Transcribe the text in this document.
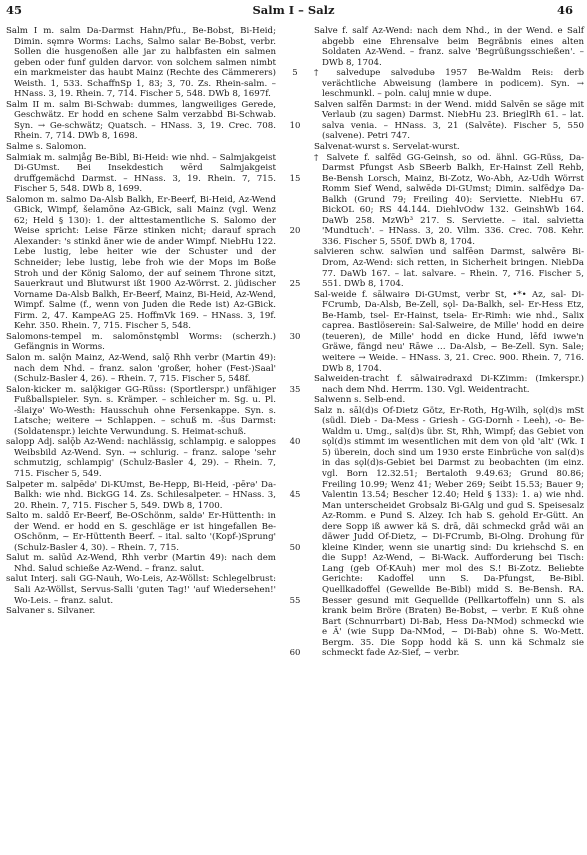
45	Salm I – Salz	46

Salm I m. salm Da-Darmst Hahn/Pfu., Be-Bobst, Bi-Heid; Dimin. sęmrə Worms: Lachs, Salmo salar Be-Bobst, verbr. Sollen die husgenoßen alle jar zu halbfasten ein salmen geben oder funf gulden darvor. von solchem salmen nimbt ein markmeister das haubt Mainz (Rechte des Cämmerers) Weisth. 1, 533. SchaffnSp 1, 83; 3, 70. Zs. Rhein-salm. – HNass. 3, 19. Rhein. 7, 714. Fischer 5, 548. DWb 8, 1697f.

Salm II m. salm Bi-Schwab: dummes, langweiliges Gerede, Geschwätz. Er hodd en schene Salm verzabbd Bi-Schwab. Syn. → Ge-schwätz; Quatsch. – HNass. 3, 19. Crec. 708. Rhein. 7, 714. DWb 8, 1698.

Salme s. Salomon.

Salmiak m. salmįåg Be-Bibl, Bi-Heid: wie nhd. – Salmjakgeist Di-GUmst. Bei Insekdestich wērd Salmjakgeist druffgemächd Darmst. – HNass. 3, 19. Rhein. 7, 715. Fischer 5, 548. DWb 8, 1699.

Salomon m. salmo Da-Alsb Balkh, Er-Beerf, Bi-Heid, Az-Wend GBick, Wimpf, šelamōnə Az-GBick, sali Mainz (vgl. Wenz 62; Held § 130): 1. der alttestamentliche S. Salomo der Weise spricht: Leise Färze stinken nicht; darauf sprach Alexander: 's stinkd äner wie de ander Wimpf. NiebHu 122. Lebe lustig, lebe heiter wie der Schuster und der Schneider; lebe lustig, lebe froh wie der Mops im Boße Stroh und der König Salomo, der auf seinem Throne sitzt, Sauerkraut und Blutwurst ißt 1900 Az-Wörrst. 2. jüdischer Vorname Da-Alsb Balkh, Er-Beerf, Mainz, Bi-Heid, Az-Wend, Wimpf. Salme (f., wenn von Juden die Rede ist) Az-GBick. Firm. 2, 47. KampeAG 25. HoffmVk 169. – HNass. 3, 19f. Kehr. 350. Rhein. 7, 715. Fischer 5, 548.

Salomons-tempel m. salomōnstęmbl Worms: (scherzh.) Gefängnis in Worms.

Salon m. salǫ̃n Mainz, Az-Wend, salǭ Rhh verbr (Martin 49): nach dem Nhd. – franz. salon 'großer, hoher (Fest-)Saal' (Schulz-Basler 4, 26). – Rhein. 7, 715. Fischer 5, 548f.

Salon-kicker m. salǫ̃kigər GG-Rüss: (Sportlerspr.) unfähiger Fußballspieler. Syn. s. Krämper. – schleicher m. Sg. u. Pl. -šlaiχə' Wo-Westh: Hausschuh ohne Fersenkappe. Syn. s. Latsche; weitere → Schlappen. – schuß m. -šus Darmst: (Soldatenspr.) leichte Verwundung. S. Heimat-schuß.

salopp Adj. salǭb Az-Wend: nachlässig, schlampig. e saloppes Weibsbild Az-Wend. Syn. → schlurig. – franz. salope 'sehr schmutzig, schlampig' (Schulz-Basler 4, 29). – Rhein. 7, 715. Fischer 5, 549.

Salpeter m. salpēdə' Di-KUmst, Be-Hepp, Bi-Heid, -pērə' Da-Balkh: wie nhd. BickGG 14. Zs. Schilesalpeter. – HNass. 3, 20. Rhein. 7, 715. Fischer 5, 549. DWb 8, 1700.

Salto m. saldō Er-Beerf, Be-OSchönm, saldə' Er-Hüttenth: in der Wend. er hodd en S. geschläge er ist hingefallen Be-OSchönm, ~ Er-Hüttenth Beerf. – ital. salto '(Kopf-)Sprung' (Schulz-Basler 4, 30). – Rhein. 7, 715.

Salut m. salūd Az-Wend, Rhh verbr (Martin 49): nach dem Nhd. Salud schieße Az-Wend. – franz. salut.

salut Interj. sali GG-Nauh, Wo-Leis, Az-Wöllst: Schlegelbrust: Sali Az-Wöllst, Servus-Salli 'guten Tag!' 'auf Wiedersehen!' Wo-Leis. – franz. salut.

Salvaner s. Silvaner.

5
10
15
20
25
30
35
40
45
50
55
60

Salve f. salf Az-Wend: nach dem Nhd., in der Wend. e Salf abgebb eine Ehrensalve beim Begräbnis eines alten Soldaten Az-Wend. – franz. salve 'Begrüßungsschießen'. – DWb 8, 1704.

† salvedupe salvədubə 1957 Be-Waldm Reis: derb verächtliche Abweisung (lambere in podicem). Syn. → leschmunkl. – poln. caluj mnie w dupe.

Salven salfēn Darmst: in der Wend. midd Salvēn se säge mit Verlaub (zu sagen) Darmst. NiebHu 23. BrieglRh 61. – lat. salva venia. – HNass. 3, 21 (Salvēte). Fischer 5, 550 (salvene). Petri 747.

Salvenat-wurst s. Servelat-wurst.

† Salvete f. salfēd GG-Geinsh, so od. ähnl. GG-Rüss, Da-Darmst Pfungst Asb SBeerb Balkh, Er-Hainst Zell Rehb, Be-Bensh Lorsch, Mainz, Bi-Zotz, Wo-Abh, Az-Udh Wörrst Romm Sief Wend, salwēdə Di-GUmst; Dimin. salfēdχə Da-Balkh (Grund 79; Freiling 40): Serviette. NiebHu 67. BickOL 60; RS 44.144. DiehlvOdw 132. GeinshWb 164. DaWb 258. MzWb³ 217. S. Serviette. – ital. salvietta 'Mundtuch'. – HNass. 3, 20. Vilm. 336. Crec. 708. Kehr. 336. Fischer 5, 550f. DWb 8, 1704.

salvieren schw. salwīən und salfēən Darmst, salwērə Bi-Drom, Az-Wend: sich retten, in Sicherheit bringen. NiebDa 77. DaWb 167. – lat. salvare. – Rhein. 7, 716. Fischer 5, 551. DWb 8, 1704.

Sal-weide f. sālwairə Di-GUmst, verbr St, •*• Az, sal- Di-FCrumb, Da-Alsb, Be-Zell, sǫl- Da-Balkh, sel- Er-Hess Etz, Be-Hamb, tsel- Er-Hainst, tsela- Er-Rimh: wie nhd., Salix caprea. Bastlöserein: Sal-Salweire, de Mille' hodd en deire (teueren), de Mille' hodd en dicke Hund, lēfd iwwe'n Gräwe, fängd neu' Rāwe … Da-Alsb, ~ Be-Zell. Syn. Sale; weitere → Weide. – HNass. 3, 21. Crec. 900. Rhein. 7, 716. DWb 8, 1704.

Salweiden-tracht f. sālwairədraxd Di-KZimm: (Imkerspr.) nach dem Nhd. Herrm. 130. Vgl. Weidentracht.

Salwenn s. Selb-end.

Salz n. sāl(d)s Of-Dietz Götz, Er-Roth, Hg-Wilh, sǫl(d)s mSt (südl. Dieb - Da-Mess - Griesh - GG-Dornh - Leeh), -o- Be-Waldm u. Umg., sal(d)s übr. St, Rhh, Wimpf; das Gebiet von sǫl(d)s stimmt im wesentlichen mit dem von ǫld 'alt' (Wk. I 5) überein, doch sind um 1930 erste Einbrüche von sal(d)s in das sǫl(d)s-Gebiet bei Darmst zu beobachten (im einz. vgl. Born 12.32.51; Bertaloth 9.49.63; Grund 80.86; Freiling 10.99; Wenz 41; Weber 269; Seibt 15.53; Bauer 9; Valentin 13.54; Bescher 12.40; Held § 133): 1. a) wie nhd. Man unterscheidet Grobsalz Bi-GAlg und gud S. Speisesalz Az-Romm. e Pund S. Alzey. Ich hab S. gehold Er-Gütt. An dere Sopp iß awwer kä S. drā, däi schmeckd gråd wäi an däwer Judd Of-Dietz, ~ Di-FCrumb, Bi-Olng. Drohung für kleine Kinder, wenn sie unartig sind: Du kriehschd S. en die Supp! Az-Wend, ~ Bi-Wack. Aufforderung bei Tisch: Lang (geb Of-KAuh) mer mol des S.! Bi-Zotz. Beliebte Gerichte: Kadoffel unn S. Da-Pfungst, Be-Bibl. Quellkadoffel (Gewellde Be-Bibl) midd S. Be-Bensh. RA. Besser gesund mit Gequellde (Pellkartoffeln) unn S. als krank beim Bröre (Braten) Be-Bobst, ~ verbr. E Kuß ohne Bart (Schnurrbart) Di-Bab, Hess Da-NMod) schmeckd wie e Ä' (wie Supp Da-NMod, ~ Di-Bab) ohne S. Wo-Mett. Bergm. 35. Die Sopp hodd kä S. unn kä Schmalz sie schmeckt fade Az-Sief, ~ verbr.
